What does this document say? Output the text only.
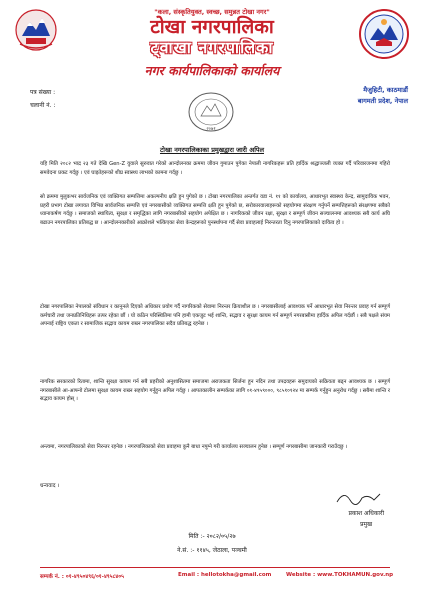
"कला, संस्कृतियुक्त, स्वच्छ, समुन्नत टोखा नगर"
टोखा नगरपालिका
ट्वाखा नगरपालिका
नगर कार्यपालिकाको कार्यालय
पत्र संख्या :
चलानी नं. :
मैजुहिटी, काठमाडौं
बागमती प्रदेश, नेपाल
२०७१
टोखा नगरपालिकाका प्रमुखद्वारा जारी अपिल
यहि मिति २०८२ भाद्र २३ गते देखि Gen-Z युवाले सुरुवात गरेको आन्दोलनका क्रममा जीवन गुमाउन पुगेका नेपाली नागरिकहरू प्रति हार्दिक श्रद्धाञ्जली व्यक्त गर्दै परिवारजनमा गहिरो समवेदना प्रकट गर्दछु । एवं घाइतेहरूको शीघ्र स्वास्थ्य लाभको कामना गर्दछु ।
सो क्रममा मुलुकभर सार्वजनिक एवं व्यक्तिगत सम्पत्तिमा अकल्पनीय क्षति हुन पुगेको छ । टोखा नगरपालिका अन्तर्गत वडा नं. ११ को कार्यालय, आधारभूत स्वास्थ्य केन्द्र, सामुदायिक भवन, प्रहरी प्रभाग टोखा लगायत विभिन्न सार्वजनिक सम्पत्ति एवं नगरबासीको व्यक्तिगत सम्पत्ति क्षति हुन पुगेको छ, सरोकारवालाहरूको सहयोगमा संरक्षण गर्नुपर्ने सम्पत्तिहरूको संरक्षणमा सबैको ध्यानाकर्षण गर्दछु । समाजको स्थायित्व, सुरक्षा र समृद्धिका लागि नगरबासीको सहयोग अपेक्षित छ । नागरिकको जीवन रक्षा, सुरक्षा र सम्पूर्ण जीवन सञ्चालनमा आवश्यक सबै कार्य अघि बढाउन नगरपालिका प्रतिबद्ध छ । आन्दोलनकारीको आक्रोशले भत्किएका सेवा केन्द्रहरूको पुनर्स्थापना गर्दै सेवा प्रवाहलाई निरन्तरता दिनु नगरपालिकाको दायित्व हो ।
टोखा नगरपालिका नेपालको संविधान र कानुनले दिएको अधिकार प्रयोग गर्दै नागरिकको सेवामा निरन्तर क्रियाशील छ । नगरबासीलाई आवश्यक पर्ने आधारभूत सेवा निरन्तर प्रवाह गर्न सम्पूर्ण कर्मचारी तथा जनप्रतिनिधिहरू तत्पर रहेका छौं । यो कठिन परिस्थितिमा पनि हामी एकजुट भई शान्ति, सद्भाव र सुरक्षा कायम गर्न सम्पूर्ण नगरबासीमा हार्दिक अपिल गर्दछौं । सबै पक्षले संयम अपनाई राष्ट्रिय एकता र सामाजिक सद्भाव कायम राख्न नगरपालिका सदैव प्रतिबद्ध रहनेछ ।
नागरिक सरकारको रितामा, शान्ति सुरक्षा कायम गर्न सबै प्रहरीको अनुशासितमा समाजमा अराजकता सिर्जना हुन नदिन तथा उपद्रवहरू समुदायको सक्रियता बढ्न आवश्यक छ । सम्पूर्ण नगरबासीले आ-आफ्नो टोलमा सुरक्षा कायम राख्न सहयोग गर्नुहुन अपिल गर्दछु । आपतकालीन सम्पर्कका लागि ०१-४९५९०००, ९८५१०१२४ मा सम्पर्क गर्नुहुन अनुरोध गर्दछु । सबैमा शान्ति र सद्भाव कायम होस् ।
अन्त्यमा, नगरपालिकाको सेवा निरन्तर रहनेछ । नगरपालिकाको सेवा प्रवाहमा कुनै बाधा नपुग्ने गरी कार्यालय सञ्चालन हुनेछ । सम्पूर्ण नगरबासीमा जानकारी गराउँदछु ।
धन्यवाद ।
प्रकाश अधिकारी
प्रमुख
मिति :- २०८२/०५/२७
ने.सं. :- ११४५, जेठाला, पञ्चमी
सम्पर्क नं. : ०१-४९५०४९६/०१-४९५८४०५	Email : hellotokha@gmail.com	Website : www.TOKHAMUN.gov.np
